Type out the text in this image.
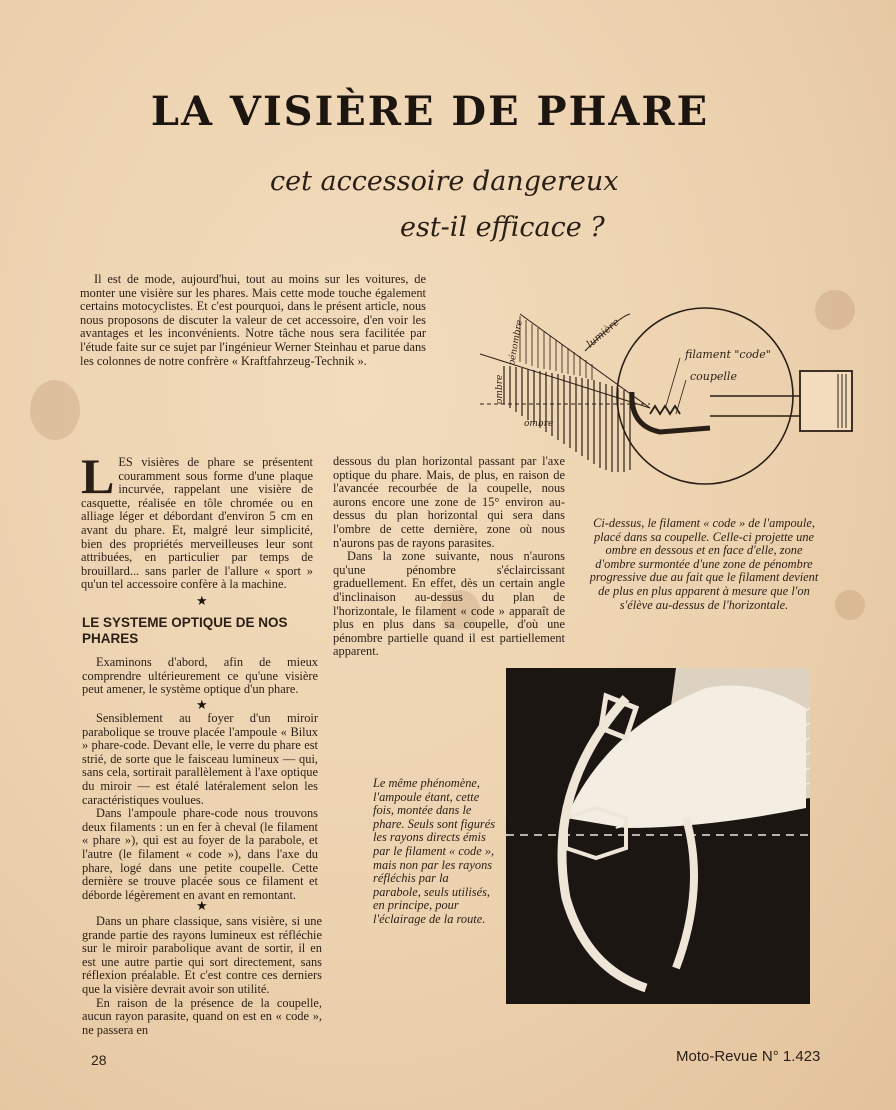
LA VISIÈRE DE PHARE

cet accessoire dangereux

est-il efficace ?

Il est de mode, aujourd'hui, tout au moins sur les voitures, de monter une visière sur les phares. Mais cette mode touche également certains motocyclistes. Et c'est pourquoi, dans le présent article, nous nous proposons de discuter la valeur de cet accessoire, d'en voir les avantages et les inconvénients. Notre tâche nous sera facilitée par l'étude faite sur ce sujet par l'ingénieur Werner Steinhau et parue dans les colonnes de notre confrère « Kraftfahrzeug-Technik ».

LES visières de phare se présentent couramment sous forme d'une plaque incurvée, rappelant une visière de casquette, réalisée en tôle chromée ou en alliage léger et débordant d'environ 5 cm en avant du phare. Et, malgré leur simplicité, bien des propriétés merveilleuses leur sont attribuées, en particulier par temps de brouillard... sans parler de l'allure « sport » qu'un tel accessoire confère à la machine.

★
LE SYSTEME OPTIQUE DE NOS PHARES

Examinons d'abord, afin de mieux comprendre ultérieurement ce qu'une visière peut amener, le système optique d'un phare.

★
Sensiblement au foyer d'un miroir parabolique se trouve placée l'ampoule « Bilux » phare-code. Devant elle, le verre du phare est strié, de sorte que le faisceau lumineux — qui, sans cela, sortirait parallèlement à l'axe optique du miroir — est étalé latéralement selon les caractéristiques voulues.
Dans l'ampoule phare-code nous trouvons deux filaments : un en fer à cheval (le filament « phare »), qui est au foyer de la parabole, et l'autre (le filament « code »), dans l'axe du phare, logé dans une petite coupelle. Cette dernière se trouve placée sous ce filament et déborde légèrement en avant en remontant.
★
Dans un phare classique, sans visière, si une grande partie des rayons lumineux est réfléchie sur le miroir parabolique avant de sortir, il en est une autre partie qui sort directement, sans réflexion préalable. Et c'est contre ces derniers que la visière devrait avoir son utilité.
En raison de la présence de la coupelle, aucun rayon parasite, quand on est en « code », ne passera en
dessous du plan horizontal passant par l'axe optique du phare. Mais, de plus, en raison de l'avancée recourbée de la coupelle, nous aurons encore une zone de 15° environ au-dessus du plan horizontal qui sera dans l'ombre de cette dernière, zone où nous n'aurons pas de rayons parasites.
Dans la zone suivante, nous n'aurons qu'une pénombre s'éclaircissant graduellement. En effet, dès un certain angle d'inclinaison au-dessus du plan de l'horizontale, le filament « code » apparaît de plus en plus dans sa coupelle, d'où une pénombre partielle quand il est partiellement apparent.
filament "code"
coupelle
lumière
pénombre
ombre
ombre

Ci-dessus, le filament « code » de l'ampoule, placé dans sa coupelle. Celle-ci projette une ombre en dessous et en face d'elle, zone d'ombre surmontée d'une zone de pénombre progressive due au fait que le filament devient de plus en plus apparent à mesure que l'on s'élève au-dessus de l'horizontale.

Le même phénomène, l'ampoule étant, cette fois, montée dans le phare. Seuls sont figurés les rayons directs émis par le filament « code », mais non par les rayons réfléchis par la parabole, seuls utilisés, en principe, pour l'éclairage de la route.

28	Moto-Revue N° 1.423
